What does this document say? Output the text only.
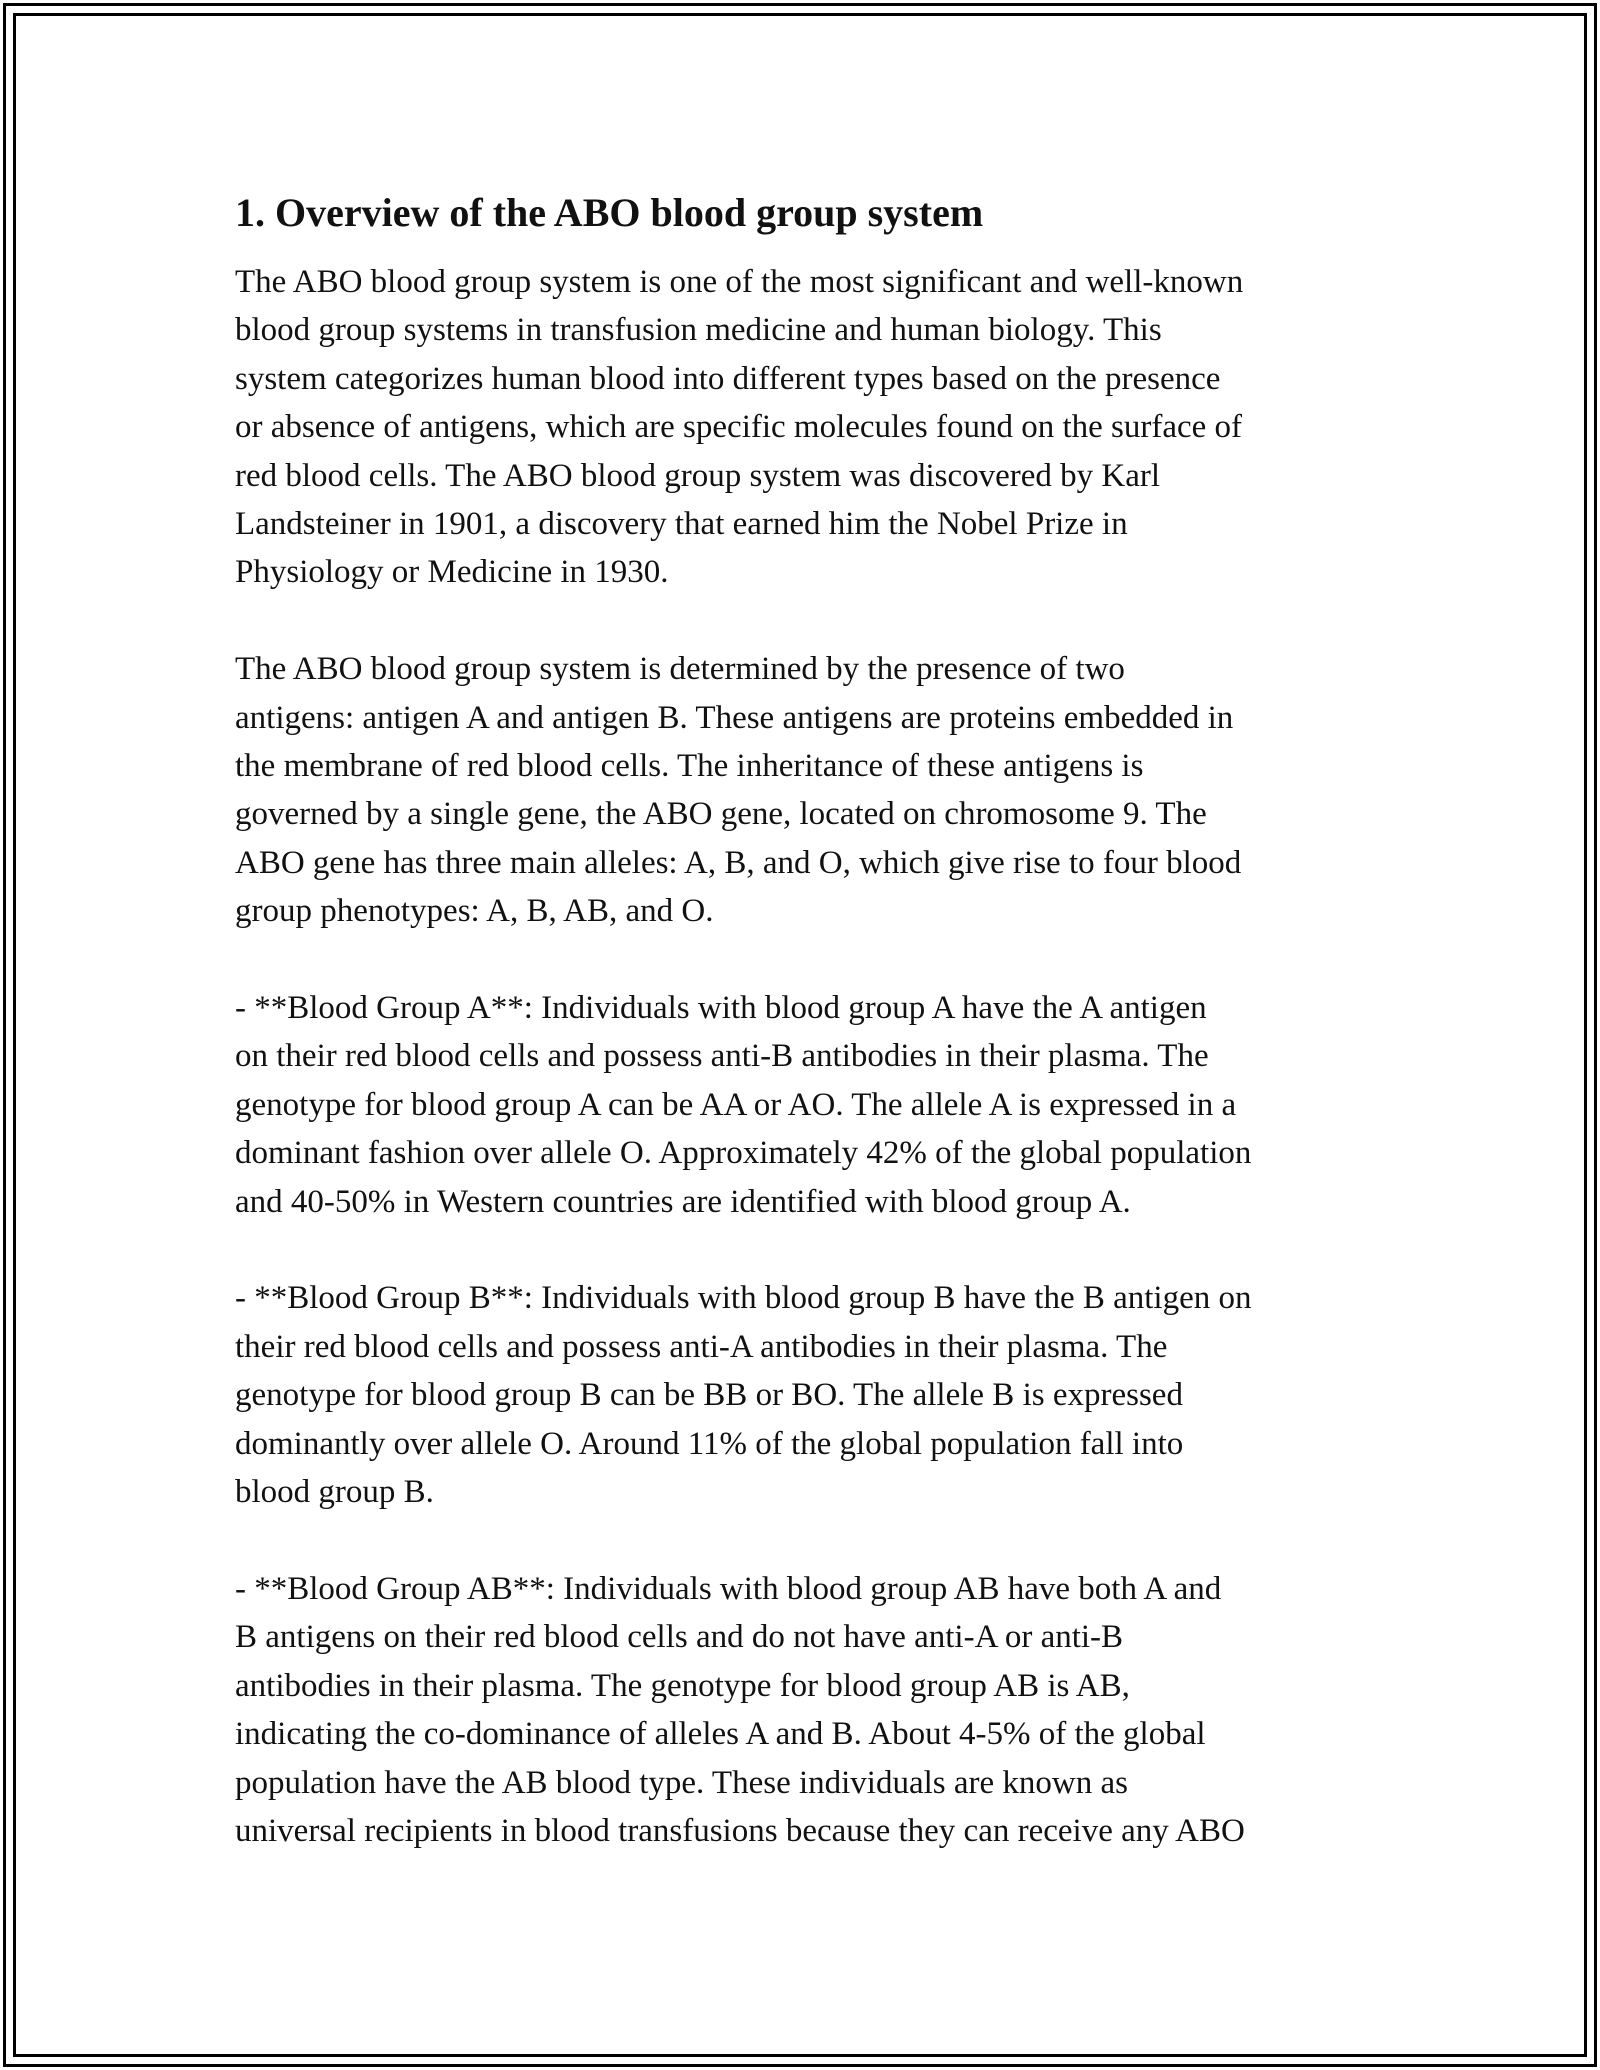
1. Overview of the ABO blood group system

The ABO blood group system is one of the most significant and well-known
blood group systems in transfusion medicine and human biology. This
system categorizes human blood into different types based on the presence
or absence of antigens, which are specific molecules found on the surface of
red blood cells. The ABO blood group system was discovered by Karl
Landsteiner in 1901, a discovery that earned him the Nobel Prize in
Physiology or Medicine in 1930.

The ABO blood group system is determined by the presence of two
antigens: antigen A and antigen B. These antigens are proteins embedded in
the membrane of red blood cells. The inheritance of these antigens is
governed by a single gene, the ABO gene, located on chromosome 9. The
ABO gene has three main alleles: A, B, and O, which give rise to four blood
group phenotypes: A, B, AB, and O.

- **Blood Group A**: Individuals with blood group A have the A antigen
on their red blood cells and possess anti-B antibodies in their plasma. The
genotype for blood group A can be AA or AO. The allele A is expressed in a
dominant fashion over allele O. Approximately 42% of the global population
and 40-50% in Western countries are identified with blood group A.

- **Blood Group B**: Individuals with blood group B have the B antigen on
their red blood cells and possess anti-A antibodies in their plasma. The
genotype for blood group B can be BB or BO. The allele B is expressed
dominantly over allele O. Around 11% of the global population fall into
blood group B.

- **Blood Group AB**: Individuals with blood group AB have both A and
B antigens on their red blood cells and do not have anti-A or anti-B
antibodies in their plasma. The genotype for blood group AB is AB,
indicating the co-dominance of alleles A and B. About 4-5% of the global
population have the AB blood type. These individuals are known as
universal recipients in blood transfusions because they can receive any ABO
